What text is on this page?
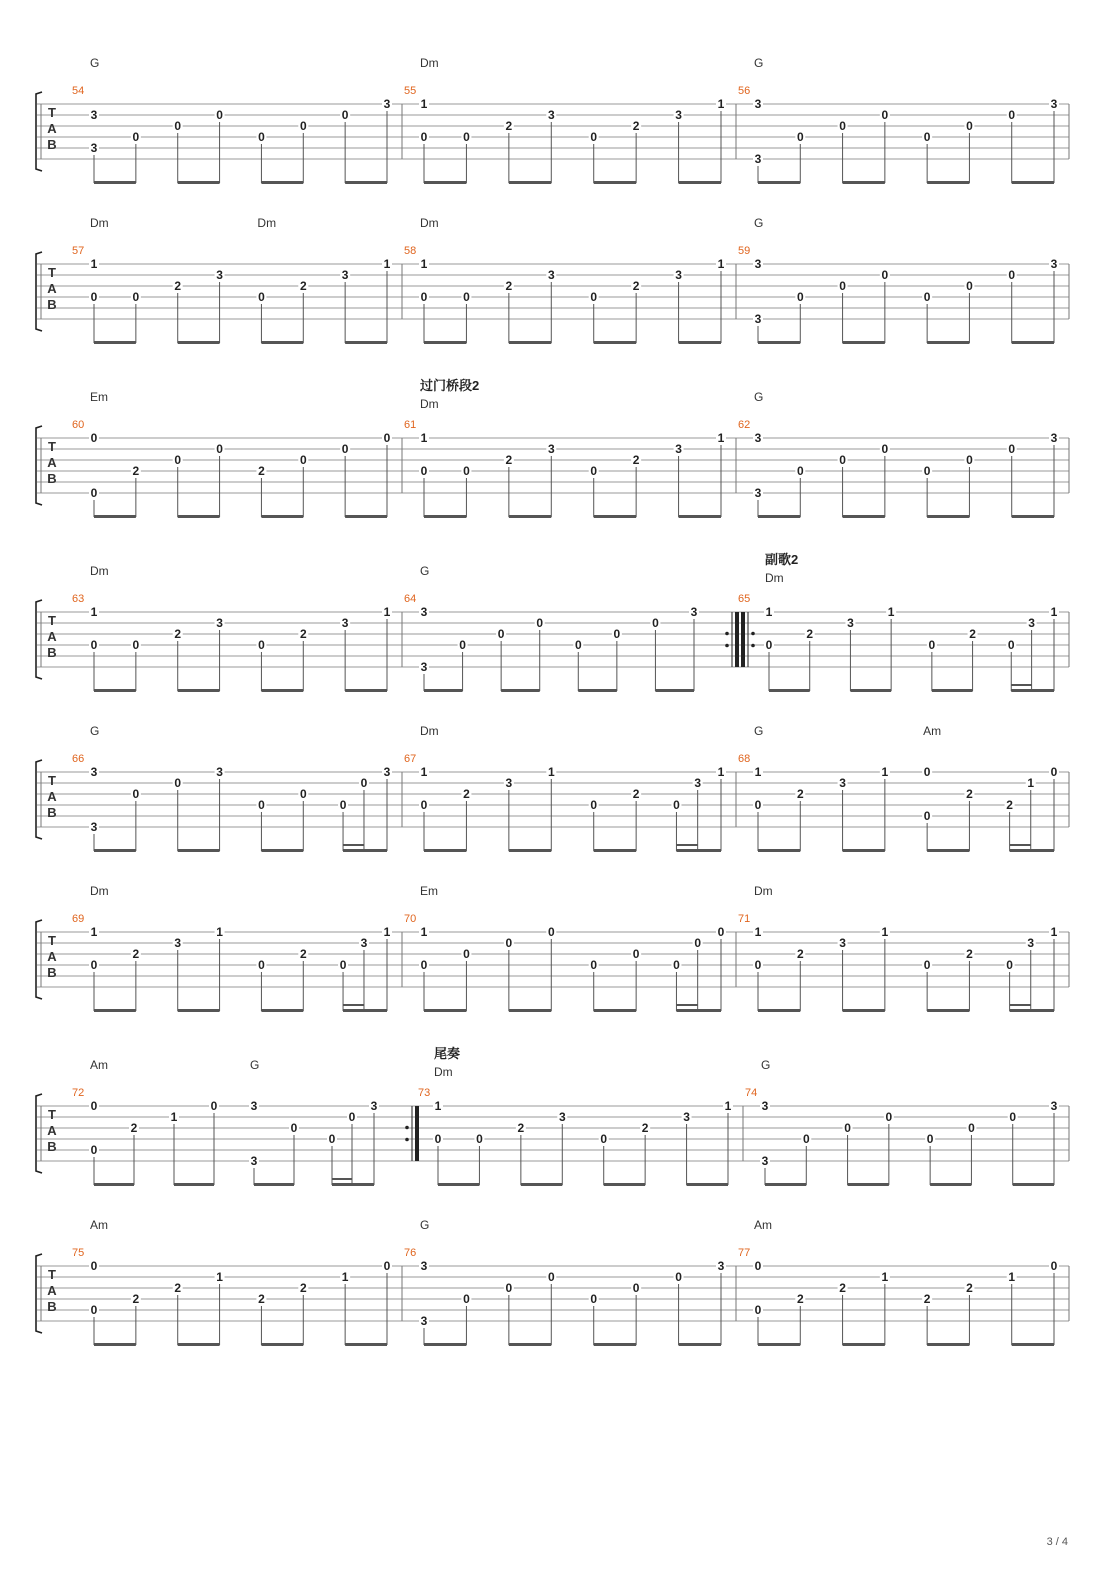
T
A
B
54
G
3
3
0
0
0
0
0
0
3
55
Dm
1
0	0
2
3
0
2
3
1
56
G
3
3
0
0
0
0
0
0
3
T
A
B
57
Dm	Dm
1
0	0
2
3
0
2
3
1
58
Dm
1
0	0
2
3
0
2
3
1
59
G
3
3
0
0
0
0
0
0
3
T
A
B
60
Em
0
0
2
0
0
2
0
0
0
61
过门桥段2
Dm
1
0	0
2
3
0
2
3
1
62
G
3
3
0
0
0
0
0
0
3
T
A
B
63
Dm
1
0	0
2
3
0
2
3
1
64
G
3
3
0
0
0
0
0
0
3
65
副歌2
Dm
1
0
2
3
1
0
2
0
3
1
T
A
B
66
G
3
3
0
0
3
0
0
0
0
3
67
Dm
1
0
2
3
1
0
2
0
3
1
68
G	Am
1
0
2
3
1	0
0
2
2
1
0
T
A
B
69
Dm
1
0
2
3
1
0
2
0
3
1
70
Em
1
0
0
0
0
0
0
0
0
0
71
Dm
1
0
2
3
1
0
2
0
3
1
T
A
B
72
Am	G
0
0
2
1
0	3
3
0
0
0
3
73
尾奏
Dm
1
0	0
2
3
0
2
3
1
74
G
3
3
0
0
0
0
0
0
3
T
A
B
75
Am
0
0
2
2
1
2
2
1
0
76
G
3
3
0
0
0
0
0
0
3
77
Am
0
0
2
2
1
2
2
1
0
3 / 4
